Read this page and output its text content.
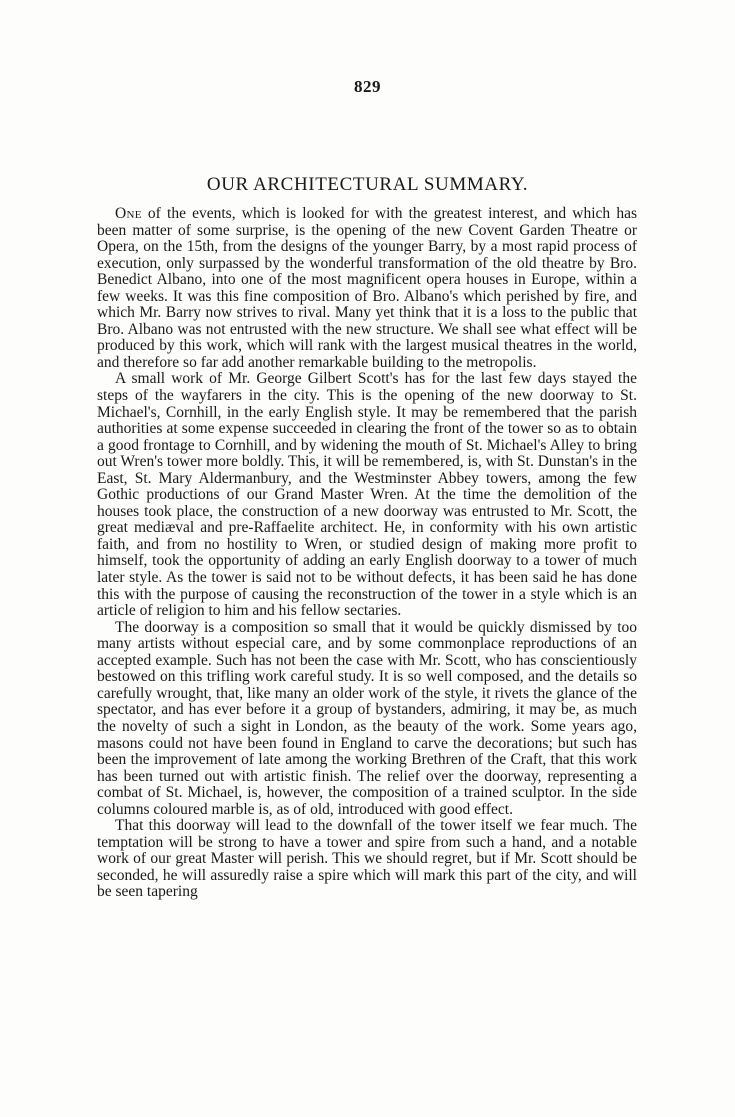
829
OUR ARCHITECTURAL SUMMARY.

One of the events, which is looked for with the greatest interest, and which has been matter of some surprise, is the opening of the new Covent Garden Theatre or Opera, on the 15th, from the designs of the younger Barry, by a most rapid process of execution, only surpassed by the wonderful transformation of the old theatre by Bro. Benedict Albano, into one of the most magnificent opera houses in Europe, within a few weeks. It was this fine composition of Bro. Albano's which perished by fire, and which Mr. Barry now strives to rival. Many yet think that it is a loss to the public that Bro. Albano was not entrusted with the new structure. We shall see what effect will be produced by this work, which will rank with the largest musical theatres in the world, and therefore so far add another remarkable building to the metropolis.

A small work of Mr. George Gilbert Scott's has for the last few days stayed the steps of the wayfarers in the city. This is the opening of the new doorway to St. Michael's, Cornhill, in the early English style. It may be remembered that the parish authorities at some expense succeeded in clearing the front of the tower so as to obtain a good frontage to Cornhill, and by widening the mouth of St. Michael's Alley to bring out Wren's tower more boldly. This, it will be remembered, is, with St. Dunstan's in the East, St. Mary Aldermanbury, and the Westminster Abbey towers, among the few Gothic productions of our Grand Master Wren. At the time the demolition of the houses took place, the construction of a new doorway was entrusted to Mr. Scott, the great mediæval and pre-Raffaelite architect. He, in conformity with his own artistic faith, and from no hostility to Wren, or studied design of making more profit to himself, took the opportunity of adding an early English doorway to a tower of much later style. As the tower is said not to be without defects, it has been said he has done this with the purpose of causing the reconstruction of the tower in a style which is an article of religion to him and his fellow sectaries.

The doorway is a composition so small that it would be quickly dismissed by too many artists without especial care, and by some commonplace reproductions of an accepted example. Such has not been the case with Mr. Scott, who has conscientiously bestowed on this trifling work careful study. It is so well composed, and the details so carefully wrought, that, like many an older work of the style, it rivets the glance of the spectator, and has ever before it a group of bystanders, admiring, it may be, as much the novelty of such a sight in London, as the beauty of the work. Some years ago, masons could not have been found in England to carve the decorations; but such has been the improvement of late among the working Brethren of the Craft, that this work has been turned out with artistic finish. The relief over the doorway, representing a combat of St. Michael, is, however, the composition of a trained sculptor. In the side columns coloured marble is, as of old, introduced with good effect.

That this doorway will lead to the downfall of the tower itself we fear much. The temptation will be strong to have a tower and spire from such a hand, and a notable work of our great Master will perish. This we should regret, but if Mr. Scott should be seconded, he will assuredly raise a spire which will mark this part of the city, and will be seen tapering
